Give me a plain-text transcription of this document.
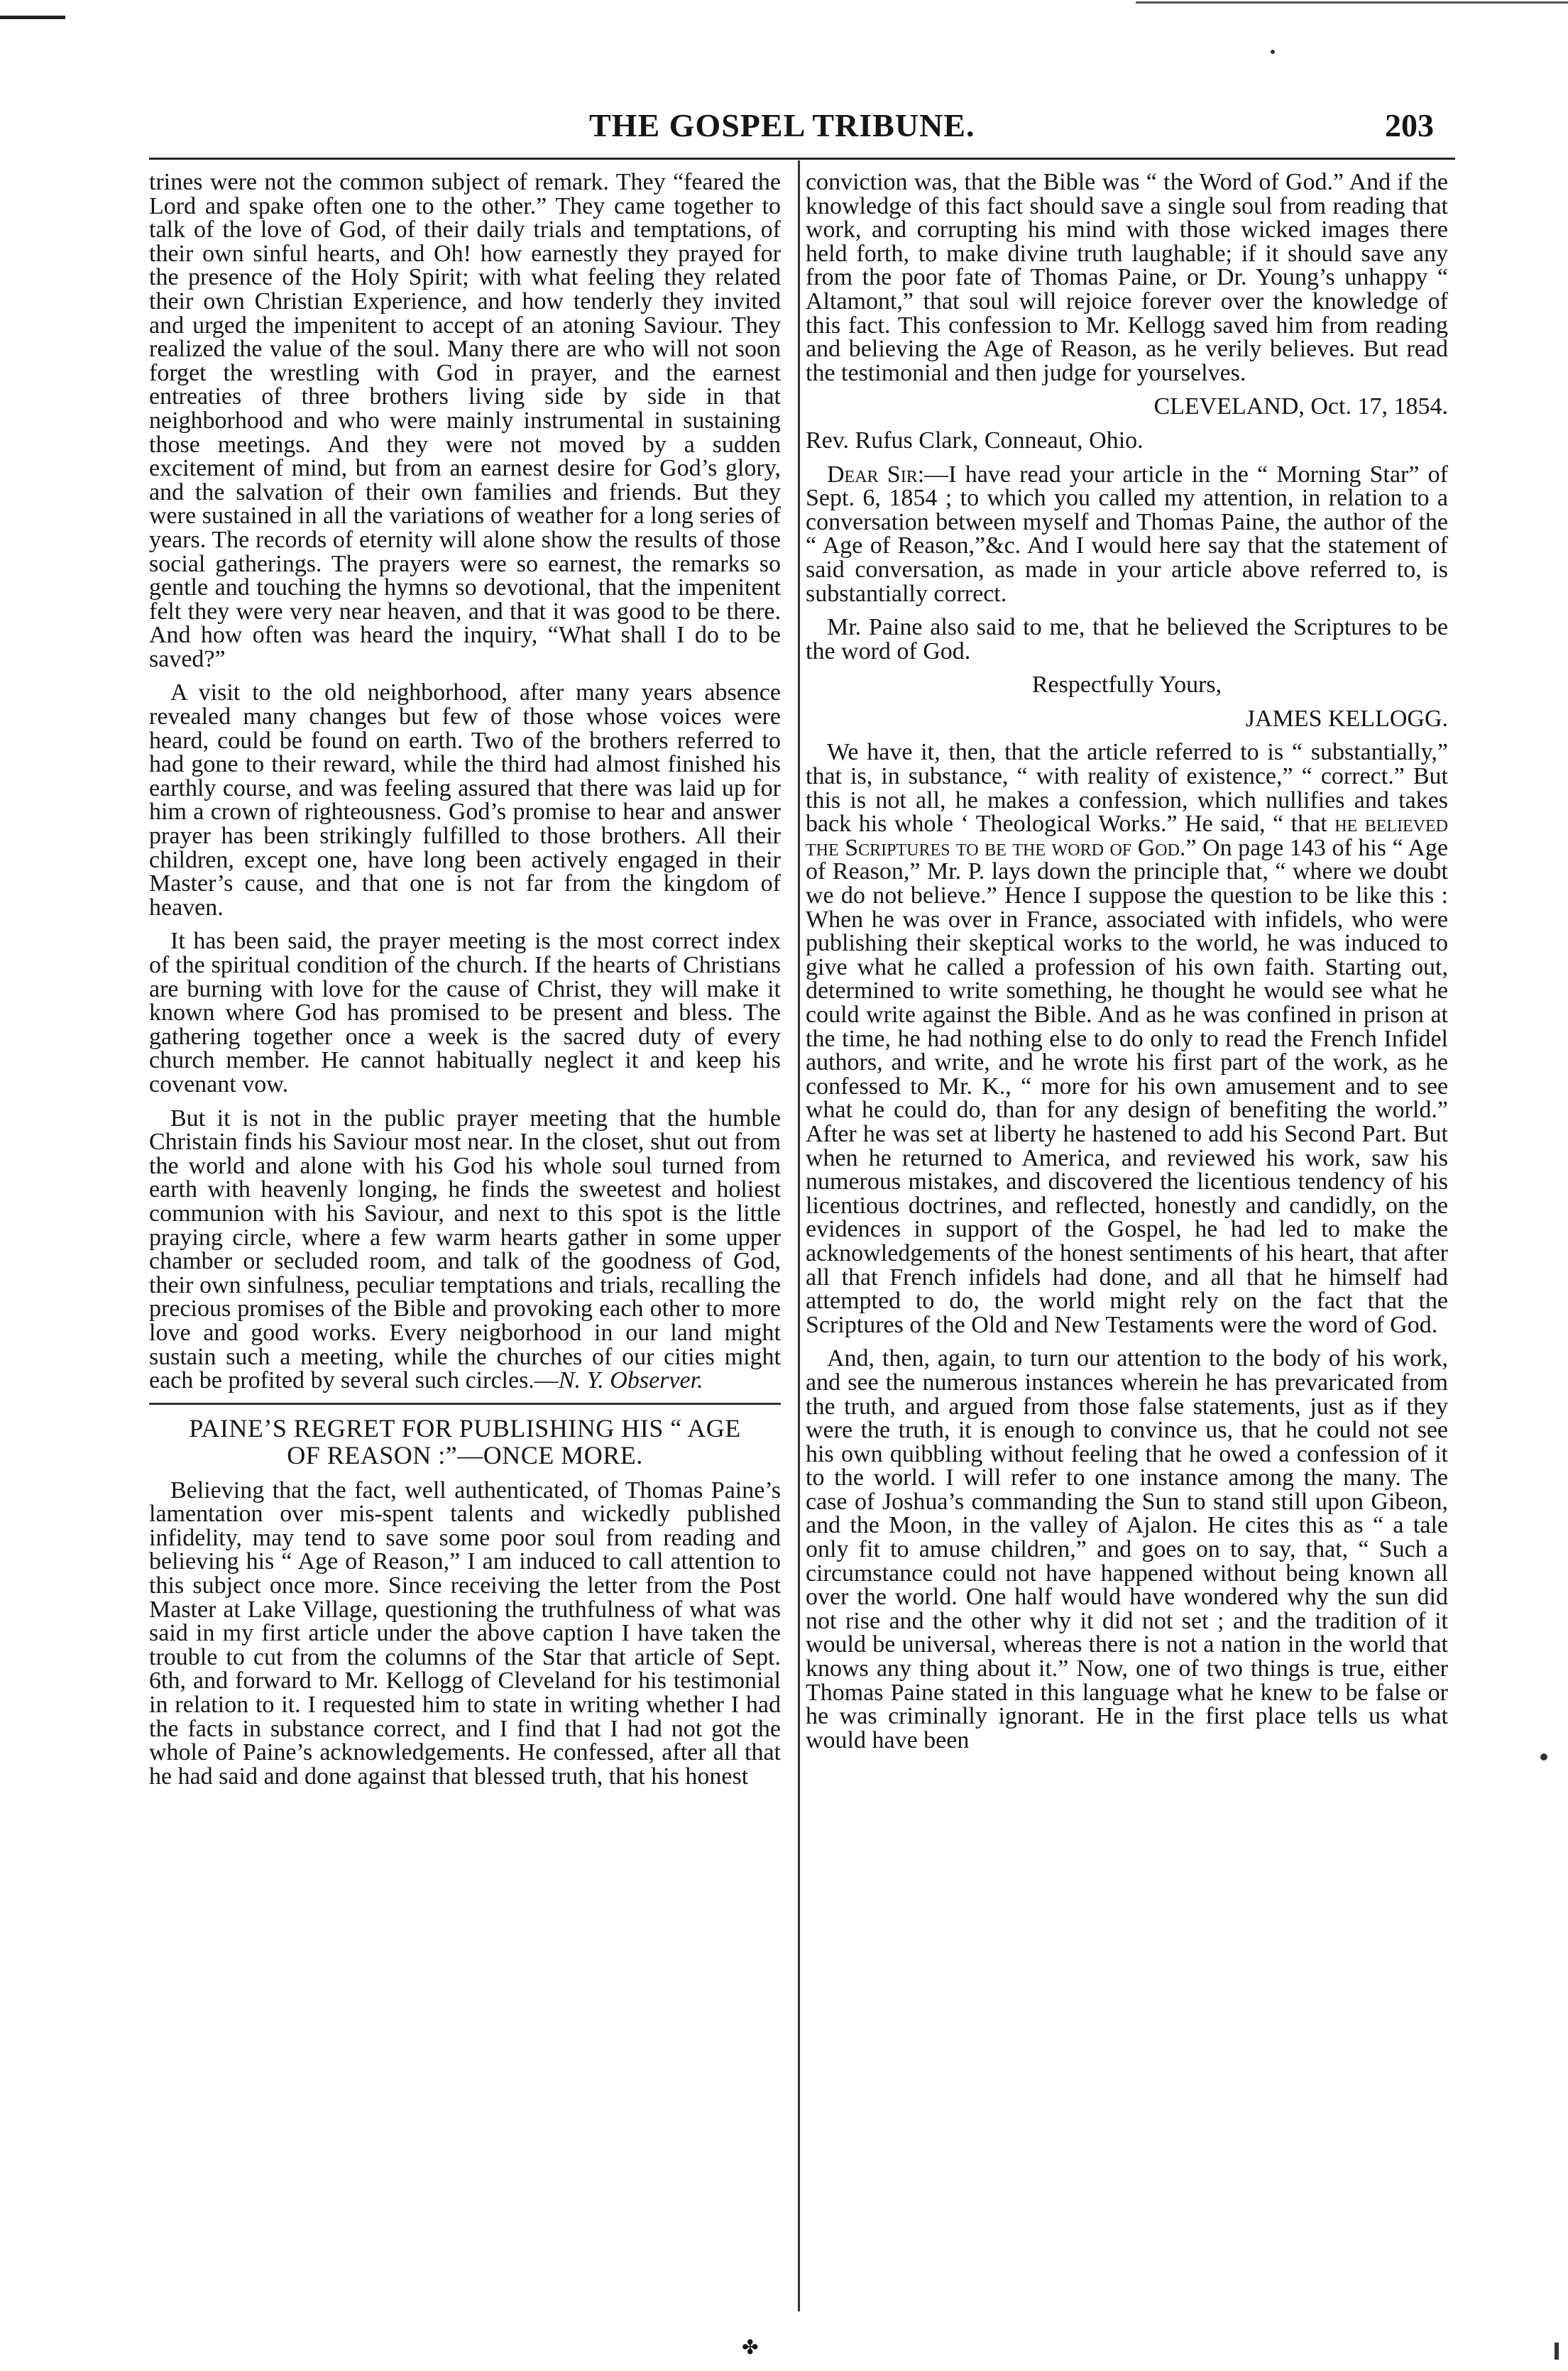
THE GOSPEL TRIBUNE.	203

trines were not the common subject of remark. They “feared the Lord and spake often one to the other.” They came together to talk of the love of God, of their daily trials and temptations, of their own sinful hearts, and Oh! how earnestly they prayed for the presence of the Holy Spirit; with what feeling they related their own Christian Experience, and how tenderly they invited and urged the impenitent to accept of an atoning Saviour. They realized the value of the soul. Many there are who will not soon forget the wrestling with God in prayer, and the earnest entreaties of three brothers living side by side in that neighborhood and who were mainly instrumental in sustaining those meetings. And they were not moved by a sudden excitement of mind, but from an earnest desire for God’s glory, and the salvation of their own families and friends. But they were sustained in all the variations of weather for a long series of years. The records of eternity will alone show the results of those social gatherings. The prayers were so earnest, the remarks so gentle and touching the hymns so devotional, that the impenitent felt they were very near heaven, and that it was good to be there. And how often was heard the inquiry, “What shall I do to be saved?”

A visit to the old neighborhood, after many years absence revealed many changes but few of those whose voices were heard, could be found on earth. Two of the brothers referred to had gone to their reward, while the third had almost finished his earthly course, and was feeling assured that there was laid up for him a crown of righteousness. God’s promise to hear and answer prayer has been strikingly fulfilled to those brothers. All their children, except one, have long been actively engaged in their Master’s cause, and that one is not far from the kingdom of heaven.

It has been said, the prayer meeting is the most correct index of the spiritual condition of the church. If the hearts of Christians are burning with love for the cause of Christ, they will make it known where God has promised to be present and bless. The gathering together once a week is the sacred duty of every church member. He cannot habitually neglect it and keep his covenant vow.

But it is not in the public prayer meeting that the humble Christain finds his Saviour most near. In the closet, shut out from the world and alone with his God his whole soul turned from earth with heavenly longing, he finds the sweetest and holiest communion with his Saviour, and next to this spot is the little praying circle, where a few warm hearts gather in some upper chamber or secluded room, and talk of the goodness of God, their own sinfulness, peculiar temptations and trials, recalling the precious promises of the Bible and provoking each other to more love and good works. Every neigborhood in our land might sustain such a meeting, while the churches of our cities might each be profited by several such circles.—N. Y. Observer.

PAINE’S REGRET FOR PUBLISHING HIS “ AGE
OF REASON :”—ONCE MORE.

Believing that the fact, well authenticated, of Thomas Paine’s lamentation over mis-spent talents and wickedly published infidelity, may tend to save some poor soul from reading and believing his “ Age of Reason,” I am induced to call attention to this subject once more. Since receiving the letter from the Post Master at Lake Village, questioning the truthfulness of what was said in my first article under the above caption I have taken the trouble to cut from the columns of the Star that article of Sept. 6th, and forward to Mr. Kellogg of Cleveland for his testimonial in relation to it. I requested him to state in writing whether I had the facts in substance correct, and I find that I had not got the whole of Paine’s acknowledgements. He confessed, after all that he had said and done against that blessed truth, that his honest

conviction was, that the Bible was “ the Word of God.” And if the knowledge of this fact should save a single soul from reading that work, and corrupting his mind with those wicked images there held forth, to make divine truth laughable; if it should save any from the poor fate of Thomas Paine, or Dr. Young’s unhappy “ Altamont,” that soul will rejoice forever over the knowledge of this fact. This confession to Mr. Kellogg saved him from reading and believing the Age of Reason, as he verily believes. But read the testimonial and then judge for yourselves.

CLEVELAND, Oct. 17, 1854.

Rev. Rufus Clark, Conneaut, Ohio.

Dear Sir:—I have read your article in the “ Morning Star” of Sept. 6, 1854 ; to which you called my attention, in relation to a conversation between myself and Thomas Paine, the author of the “ Age of Reason,”&c. And I would here say that the statement of said conversation, as made in your article above referred to, is substantially correct.

Mr. Paine also said to me, that he believed the Scriptures to be the word of God.

Respectfully Yours,

JAMES KELLOGG.

We have it, then, that the article referred to is “ substantially,” that is, in substance, “ with reality of existence,” “ correct.” But this is not all, he makes a confession, which nullifies and takes back his whole ‘ Theological Works.” He said, “ that he believed the Scriptures to be the word of God.” On page 143 of his “ Age of Reason,” Mr. P. lays down the principle that, “ where we doubt we do not believe.” Hence I suppose the question to be like this : When he was over in France, associated with infidels, who were publishing their skeptical works to the world, he was induced to give what he called a profession of his own faith. Starting out, determined to write something, he thought he would see what he could write against the Bible. And as he was confined in prison at the time, he had nothing else to do only to read the French Infidel authors, and write, and he wrote his first part of the work, as he confessed to Mr. K., “ more for his own amusement and to see what he could do, than for any design of benefiting the world.” After he was set at liberty he hastened to add his Second Part. But when he returned to America, and reviewed his work, saw his numerous mistakes, and discovered the licentious tendency of his licentious doctrines, and reflected, honestly and candidly, on the evidences in support of the Gospel, he had led to make the acknowledgements of the honest sentiments of his heart, that after all that French infidels had done, and all that he himself had attempted to do, the world might rely on the fact that the Scriptures of the Old and New Testaments were the word of God.

And, then, again, to turn our attention to the body of his work, and see the numerous instances wherein he has prevaricated from the truth, and argued from those false statements, just as if they were the truth, it is enough to convince us, that he could not see his own quibbling without feeling that he owed a confession of it to the world. I will refer to one instance among the many. The case of Joshua’s commanding the Sun to stand still upon Gibeon, and the Moon, in the valley of Ajalon. He cites this as “ a tale only fit to amuse children,” and goes on to say, that, “ Such a circumstance could not have happened without being known all over the world. One half would have wondered why the sun did not rise and the other why it did not set ; and the tradition of it would be universal, whereas there is not a nation in the world that knows any thing about it.” Now, one of two things is true, either Thomas Paine stated in this language what he knew to be false or he was criminally ignorant. He in the first place tells us what would have been

✤
